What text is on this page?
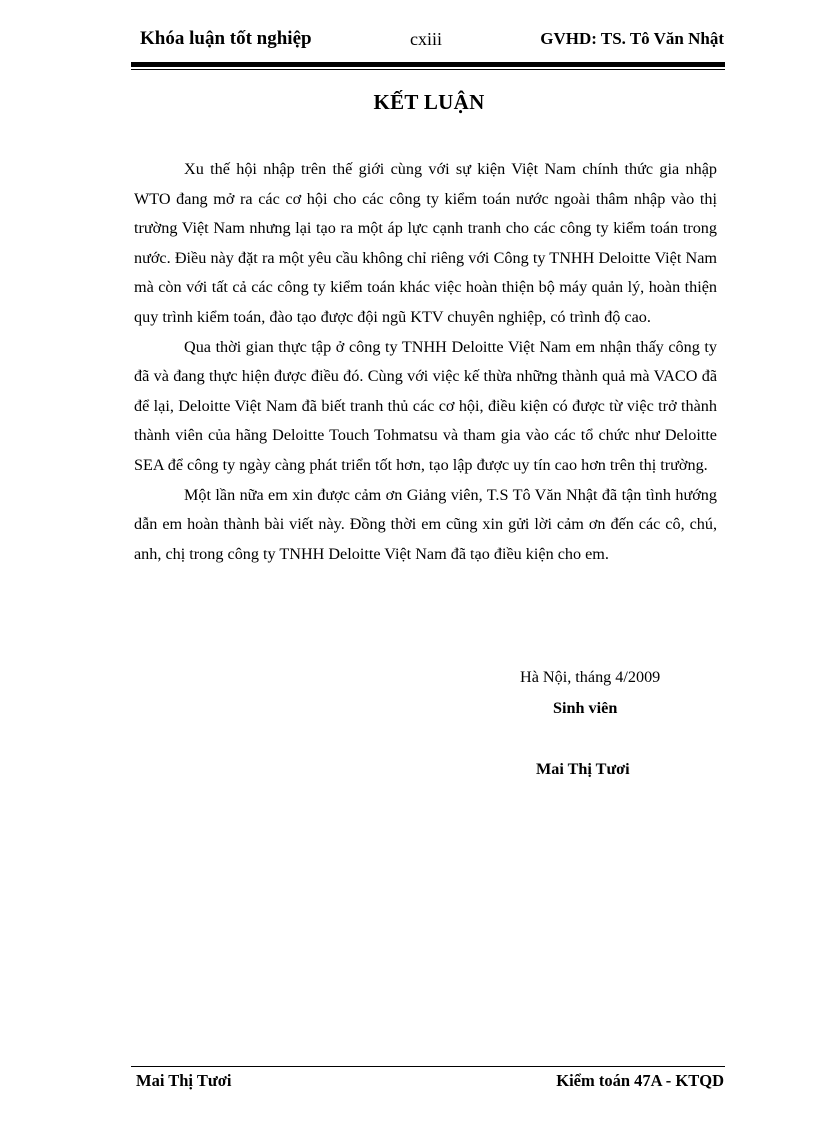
Khóa luận tốt nghiệp	cxiii	GVHD: TS. Tô Văn Nhật
KẾT LUẬN

Xu thế hội nhập trên thế giới cùng với sự kiện Việt Nam chính thức gia nhập WTO đang mở ra các cơ hội cho các công ty kiểm toán nước ngoài thâm nhập vào thị trường Việt Nam nhưng lại tạo ra một áp lực cạnh tranh cho các công ty kiểm toán trong nước. Điều này đặt ra một yêu cầu không chỉ riêng với Công ty TNHH Deloitte Việt Nam mà còn với tất cả các công ty kiểm toán khác việc hoàn thiện bộ máy quản lý, hoàn thiện quy trình kiểm toán, đào tạo được đội ngũ KTV chuyên nghiệp, có trình độ cao.

Qua thời gian thực tập ở công ty TNHH Deloitte Việt Nam em nhận thấy công ty đã và đang thực hiện được điều đó. Cùng với việc kế thừa những thành quả mà VACO đã để lại, Deloitte Việt Nam đã biết tranh thủ các cơ hội, điều kiện có được từ việc trở thành thành viên của hãng Deloitte Touch Tohmatsu và tham gia vào các tổ chức như Deloitte SEA để công ty ngày càng phát triển tốt hơn, tạo lập được uy tín cao hơn trên thị trường.

Một lần nữa em xin được cảm ơn Giảng viên, T.S Tô Văn Nhật đã tận tình hướng dẫn em hoàn thành bài viết này. Đồng thời em cũng xin gửi lời cảm ơn đến các cô, chú, anh, chị trong công ty TNHH Deloitte Việt Nam đã tạo điều kiện cho em.

Hà Nội, tháng 4/2009
Sinh viên
Mai Thị Tươi
Mai Thị Tươi	Kiểm toán 47A - KTQD
